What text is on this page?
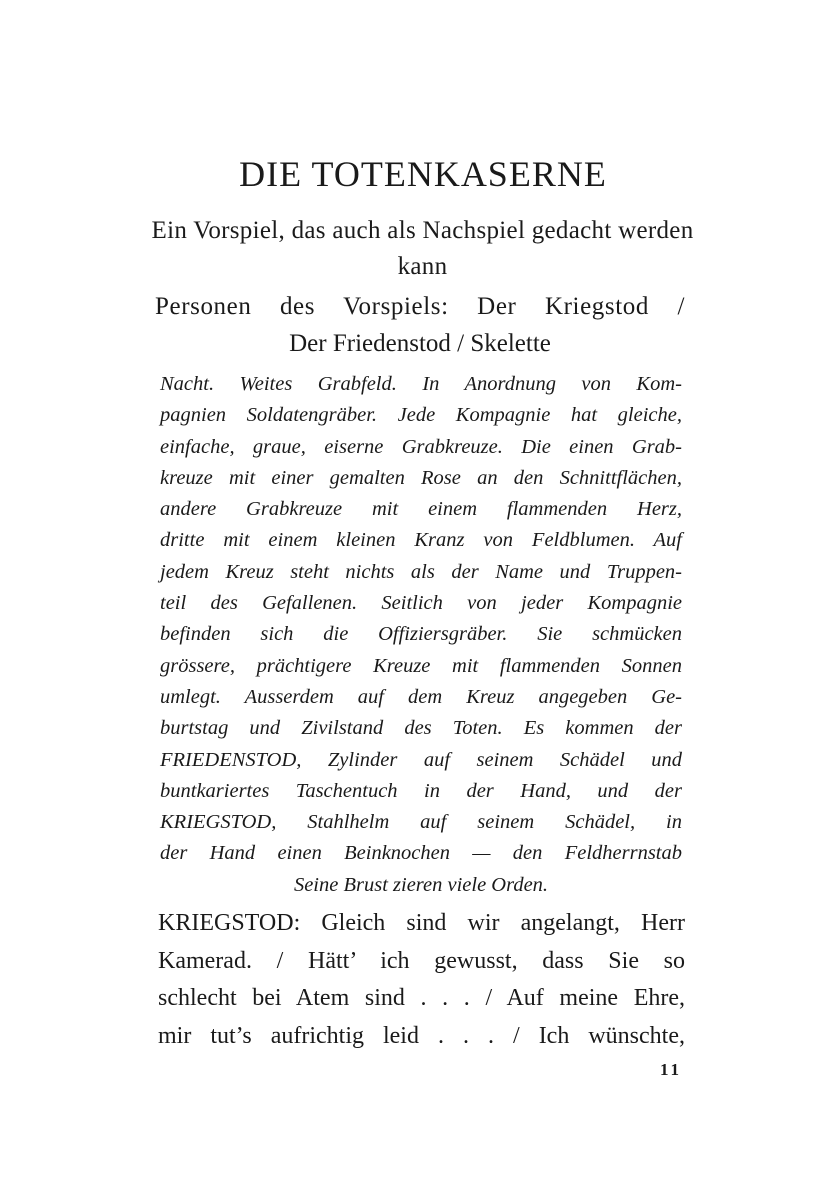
DIE TOTENKASERNE
Ein Vorspiel, das auch als Nachspiel gedacht werden kann
Personen des Vorspiels: Der Kriegstod /
Der Friedenstod / Skelette
Nacht. Weites Grabfeld. In Anordnung von Kom-
pagnien Soldatengräber. Jede Kompagnie hat gleiche,
einfache, graue, eiserne Grabkreuze. Die einen Grab-
kreuze mit einer gemalten Rose an den Schnittflächen,
andere Grabkreuze mit einem flammenden Herz,
dritte mit einem kleinen Kranz von Feldblumen. Auf
jedem Kreuz steht nichts als der Name und Truppen-
teil des Gefallenen. Seitlich von jeder Kompagnie
befinden sich die Offiziersgräber. Sie schmücken
grössere, prächtigere Kreuze mit flammenden Sonnen
umlegt. Ausserdem auf dem Kreuz angegeben Ge-
burtstag und Zivilstand des Toten. Es kommen der
FRIEDENSTOD, Zylinder auf seinem Schädel und
buntkariertes Taschentuch in der Hand, und der
KRIEGSTOD, Stahlhelm auf seinem Schädel, in
der Hand einen Beinknochen — den Feldherrnstab
Seine Brust zieren viele Orden.
KRIEGSTOD: Gleich sind wir angelangt, Herr
Kamerad. / Hätt’ ich gewusst, dass Sie so
schlecht bei Atem sind . . . / Auf meine Ehre,
mir tut’s aufrichtig leid . . . / Ich wünschte,
11
